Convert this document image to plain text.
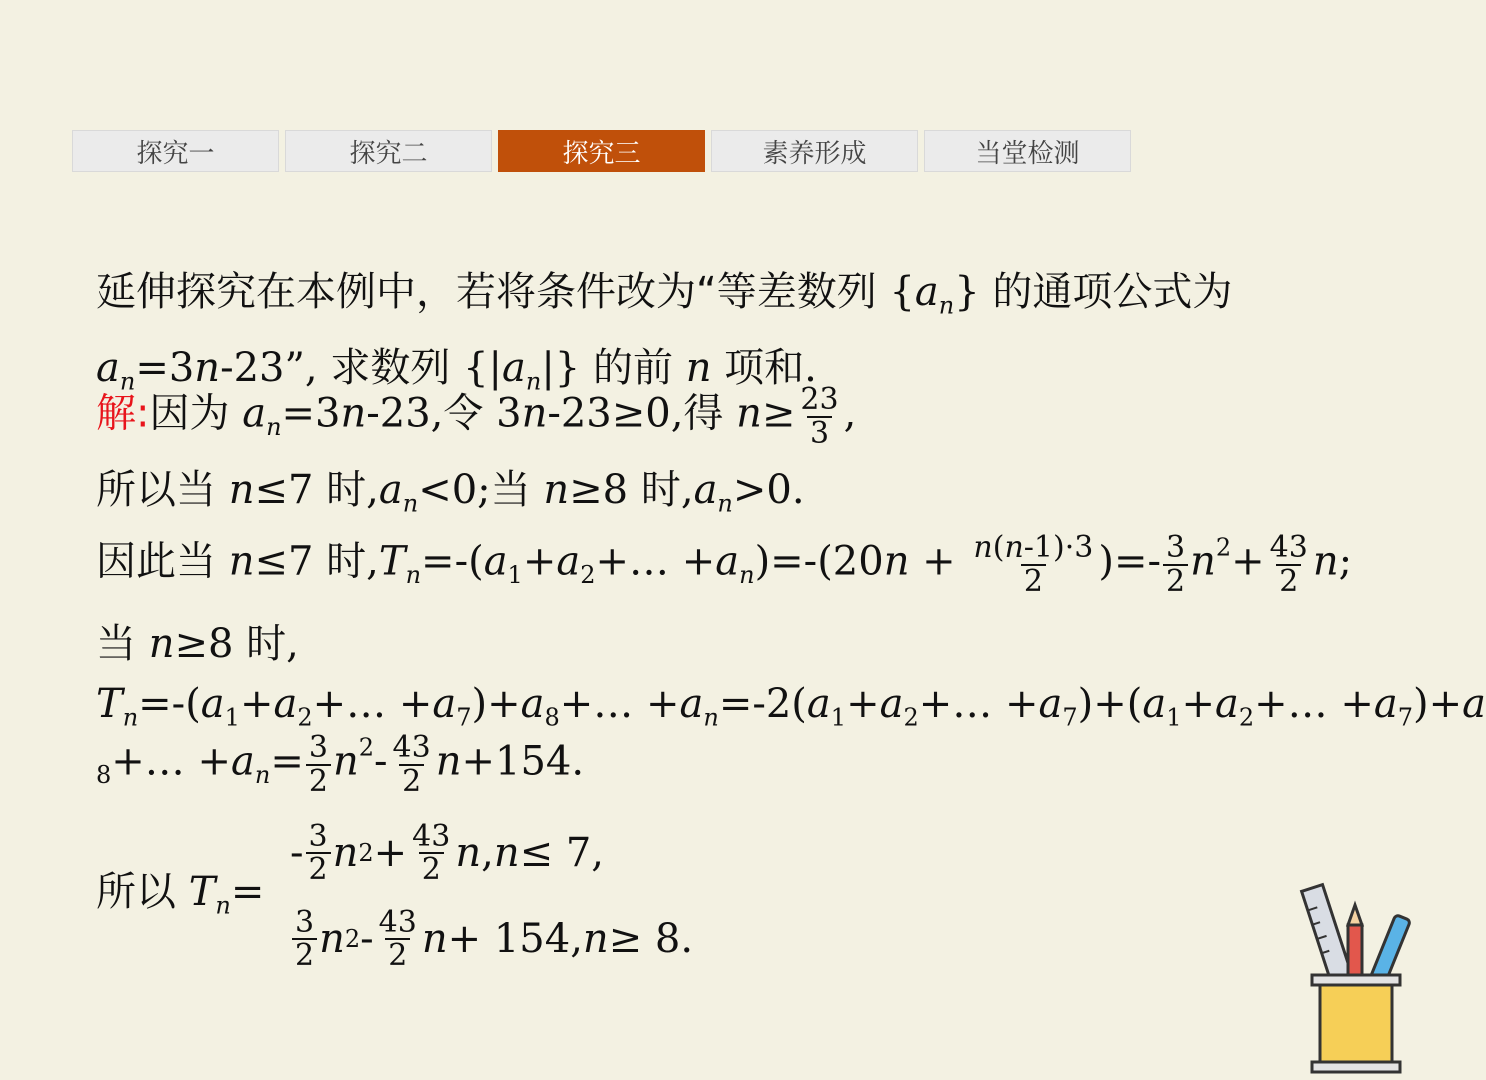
探究一	探究二	探究三	素养形成	当堂检测
延伸探究在本例中，若将条件改为“等差数列 $\{a_n\}$ 的通项公式为
$a_n=3n-23$”, 求数列 $\{|a_n|\}$ 的前 n 项和.
解:因为 $a_n=3n-23$,令 3n-23≥0,得 $n\ge \frac{23}{3}$ ,
所以当 n≤7 时$,a_n<0$;当 n≥8 时$,a_n>0$.
因此当 n≤7 时$,T_n=-(a_1+a_2+\dots +a_n)=-(20n + \frac{n(n-1)\cdot 3}{2}$ )=- $\frac{3}{2} n^2+ \frac{43}{2} n$;
当 n≥8 时,
$T_n=-(a_1+a_2+\dots$ $+a_7)+a_8+\dots$ $+a_n=-2(a_1+a_2+\dots$ $+a_7)+(a_1+a_2+\dots +a_7)+a$
$_8$+… $+a_n= \frac{3}{2} n^2- \frac{43}{2} n+154$.
所以 $T_n=$
- $\frac{3}{2}$ n $2 + \frac{43}{2}$ n , n ≤ 7,
$\frac{3}{2}$ n $2 - \frac{43}{2}$ n + 154, n ≥ 8.
